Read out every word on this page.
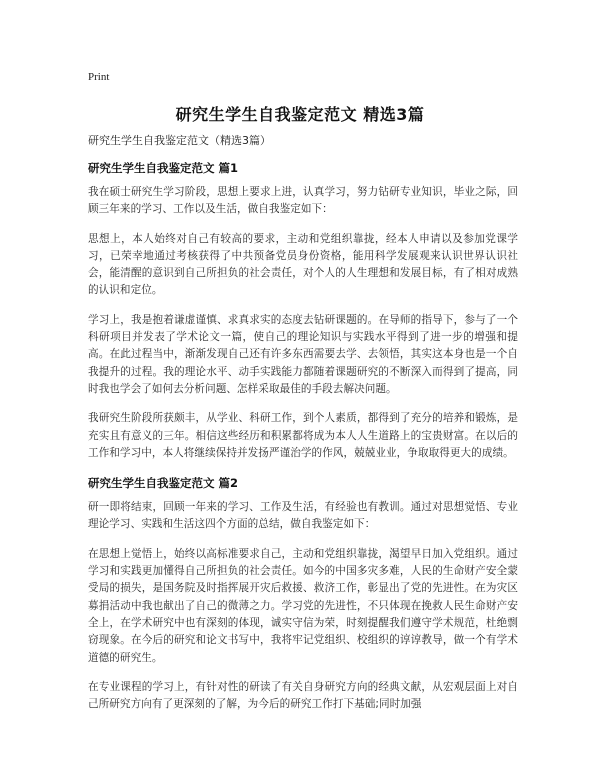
Print
研究生学生自我鉴定范文 精选3篇
研究生学生自我鉴定范文（精选3篇）
研究生学生自我鉴定范文 篇1

我在硕士研究生学习阶段，思想上要求上进，认真学习，努力钻研专业知识，毕业之际，回顾三年来的学习、工作以及生活，做自我鉴定如下：

思想上，本人始终对自己有较高的要求，主动和党组织靠拢，经本人申请以及参加党课学习，已荣幸地通过考核获得了中共预备党员身份资格，能用科学发展观来认识世界认识社会，能清醒的意识到自己所担负的社会责任，对个人的人生理想和发展目标，有了相对成熟的认识和定位。

学习上，我是抱着谦虚谨慎、求真求实的态度去钻研课题的。在导师的指导下，参与了一个科研项目并发表了学术论文一篇，使自己的理论知识与实践水平得到了进一步的增强和提高。在此过程当中，渐渐发现自己还有许多东西需要去学、去领悟，其实这本身也是一个自我提升的过程。我的理论水平、动手实践能力都随着课题研究的不断深入而得到了提高，同时我也学会了如何去分析问题、怎样采取最佳的手段去解决问题。

我研究生阶段所获颇丰，从学业、科研工作，到个人素质，都得到了充分的培养和锻炼，是充实且有意义的三年。相信这些经历和积累都将成为本人人生道路上的宝贵财富。在以后的工作和学习中，本人将继续保持并发扬严谨治学的作风，兢兢业业，争取取得更大的成绩。

研究生学生自我鉴定范文 篇2

研一即将结束，回顾一年来的学习、工作及生活，有经验也有教训。通过对思想觉悟、专业理论学习、实践和生活这四个方面的总结，做自我鉴定如下：

在思想上觉悟上，始终以高标准要求自己，主动和党组织靠拢，渴望早日加入党组织。通过学习和实践更加懂得自己所担负的社会责任。如今的中国多灾多难，人民的生命财产安全蒙受局的损失，是国务院及时指挥展开灾后救援、救济工作，彰显出了党的先进性。在为灾区募捐活动中我也献出了自己的微薄之力。学习党的先进性，不只体现在挽救人民生命财产安全上，在学术研究中也有深刻的体现，诚实守信为荣，时刻提醒我们遵守学术规范，杜绝剽窃现象。在今后的研究和论文书写中，我将牢记党组织、校组织的谆谆教导，做一个有学术道德的研究生。

在专业课程的学习上，有针对性的研读了有关自身研究方向的经典文献，从宏观层面上对自己所研究方向有了更深刻的了解，为今后的研究工作打下基础;同时加强
